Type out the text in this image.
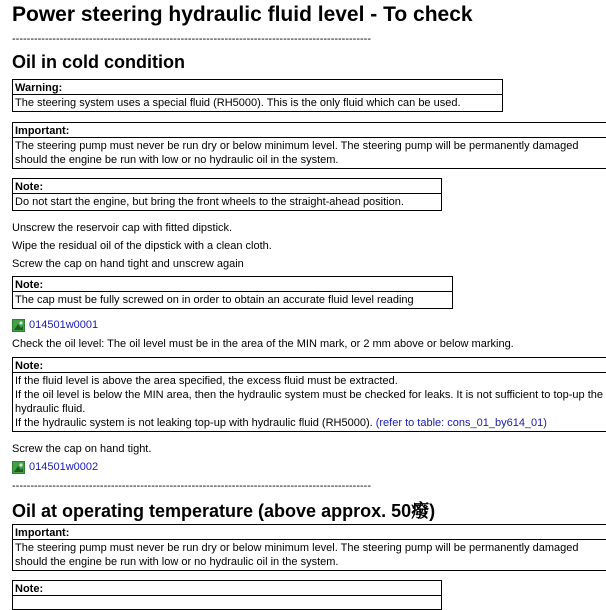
Power steering hydraulic fluid level - To check
--------------------------------------------------------------------------------------------------
Oil in cold condition
Warning:
The steering system uses a special fluid (RH5000). This is the only fluid which can be used.
Important:
The steering pump must never be run dry or below minimum level. The steering pump will be permanently damaged
should the engine be run with low or no hydraulic oil in the system.
Note:
Do not start the engine, but bring the front wheels to the straight-ahead position.
Unscrew the reservoir cap with fitted dipstick.
Wipe the residual oil of the dipstick with a clean cloth.
Screw the cap on hand tight and unscrew again
Note:
The cap must be fully screwed on in order to obtain an accurate fluid level reading
014501w0001
Check the oil level: The oil level must be in the area of the MIN mark, or 2 mm above or below marking.
Note:
If the fluid level is above the area specified, the excess fluid must be extracted.
If the oil level is below the MIN area, then the hydraulic system must be checked for leaks. It is not sufficient to top-up the
hydraulic fluid.
If the hydraulic system is not leaking top-up with hydraulic fluid (RH5000). (refer to table: cons_01_by614_01)
Screw the cap on hand tight.
014501w0002
--------------------------------------------------------------------------------------------------
Oil at operating temperature (above approx. 50癈)
Important:
The steering pump must never be run dry or below minimum level. The steering pump will be permanently damaged
should the engine be run with low or no hydraulic oil in the system.
Note:
